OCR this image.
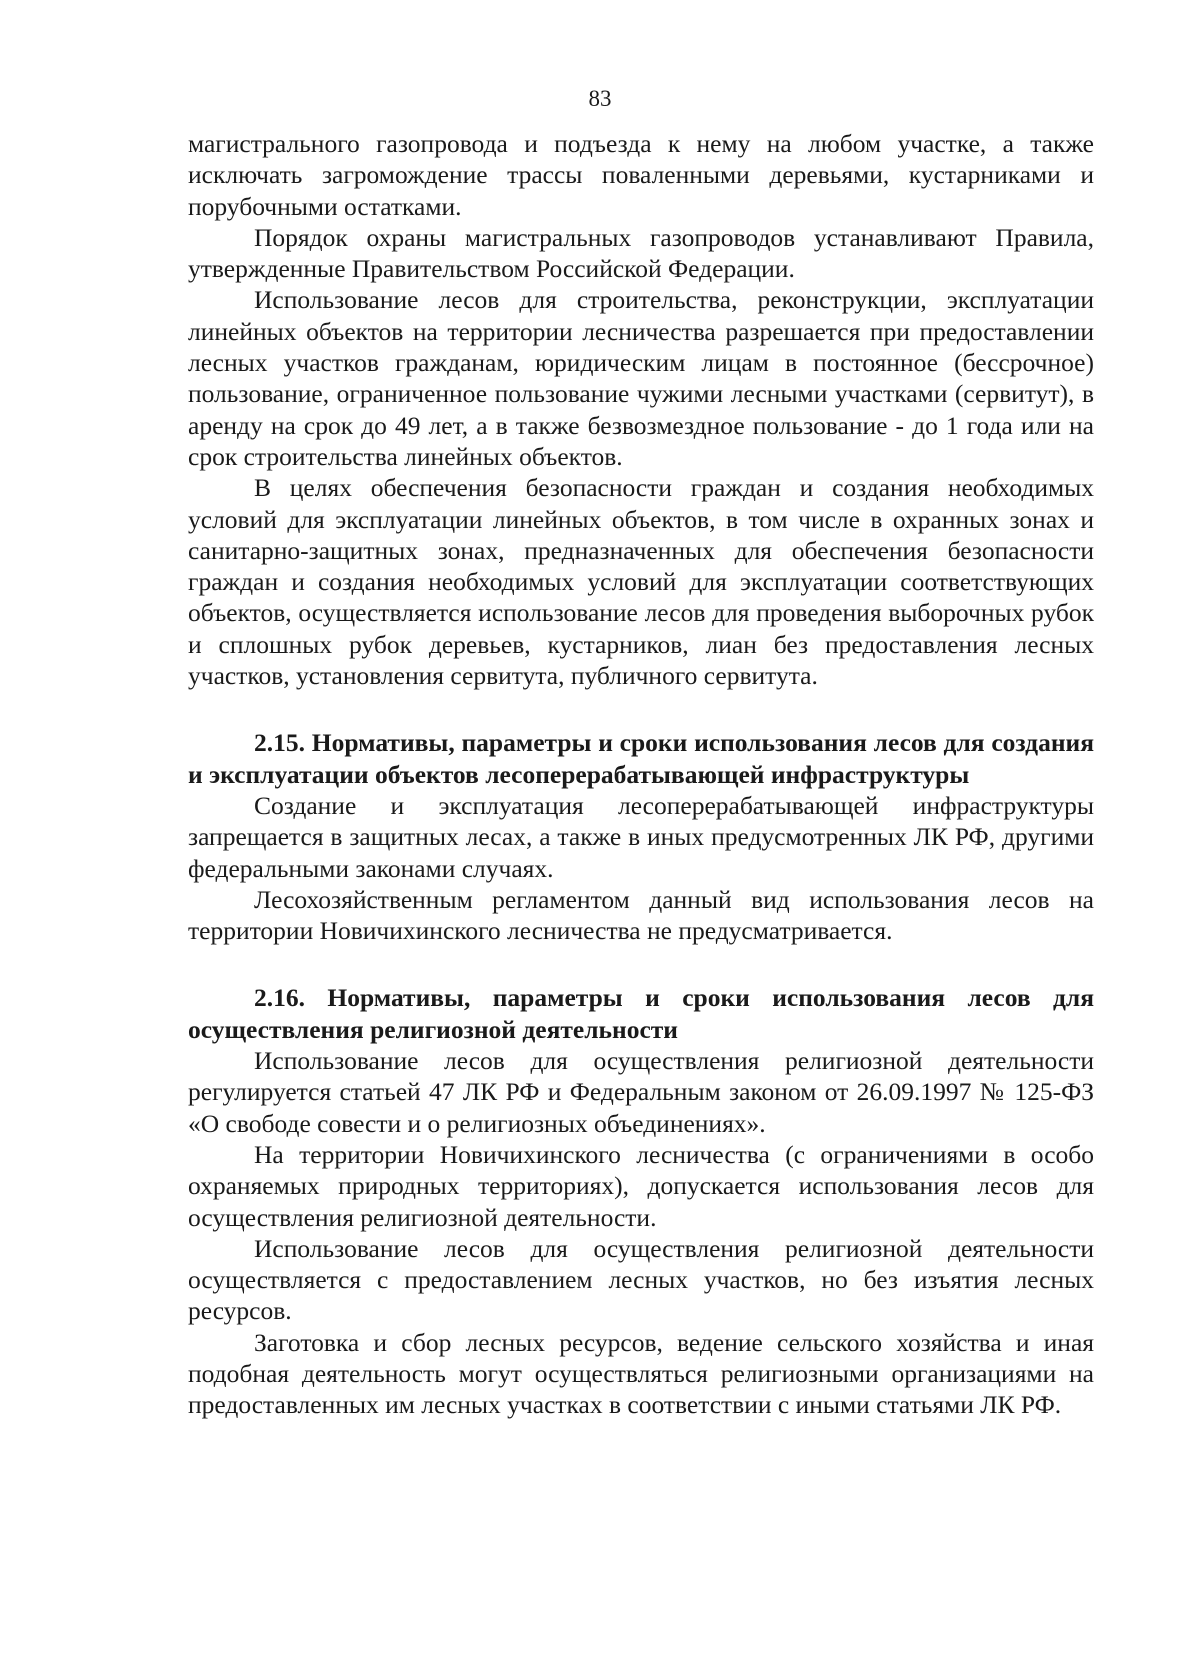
83

магистрального газопровода и подъезда к нему на любом участке, а также исключать загромождение трассы поваленными деревьями, кустарниками и порубочными остатками.

Порядок охраны магистральных газопроводов устанавливают Правила, утвержденные Правительством Российской Федерации.

Использование лесов для строительства, реконструкции, эксплуатации линейных объектов на территории лесничества разрешается при предоставлении лесных участков гражданам, юридическим лицам в постоянное (бессрочное) пользование, ограниченное пользование чужими лесными участками (сервитут), в аренду на срок до 49 лет, а в также безвозмездное пользование - до 1 года или на срок строительства линейных объектов.

В целях обеспечения безопасности граждан и создания необходимых условий для эксплуатации линейных объектов, в том числе в охранных зонах и санитарно-защитных зонах, предназначенных для обеспечения безопасности граждан и создания необходимых условий для эксплуатации соответствующих объектов, осуществляется использование лесов для проведения выборочных рубок и сплошных рубок деревьев, кустарников, лиан без предоставления лесных участков, установления сервитута, публичного сервитута.

2.15. Нормативы, параметры и сроки использования лесов для создания и эксплуатации объектов лесоперерабатывающей инфраструктуры

Создание и эксплуатация лесоперерабатывающей инфраструктуры запрещается в защитных лесах, а также в иных предусмотренных ЛК РФ, другими федеральными законами случаях.

Лесохозяйственным регламентом данный вид использования лесов на территории Новичихинского лесничества не предусматривается.

2.16. Нормативы, параметры и сроки использования лесов для осуществления религиозной деятельности

Использование лесов для осуществления религиозной деятельности регулируется статьей 47 ЛК РФ и Федеральным законом от 26.09.1997 № 125-ФЗ «О свободе совести и о религиозных объединениях».

На территории Новичихинского лесничества (с ограничениями в особо охраняемых природных территориях), допускается использования лесов для осуществления религиозной деятельности.

Использование лесов для осуществления религиозной деятельности осуществляется с предоставлением лесных участков, но без изъятия лесных ресурсов.

Заготовка и сбор лесных ресурсов, ведение сельского хозяйства и иная подобная деятельность могут осуществляться религиозными организациями на предоставленных им лесных участках в соответствии с иными статьями ЛК РФ.
